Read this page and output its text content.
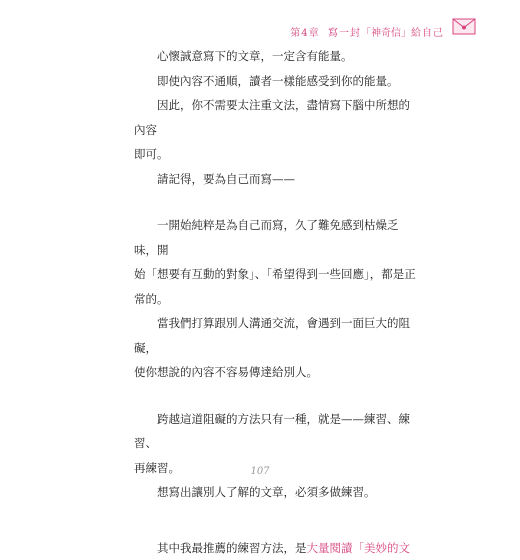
第4章 寫一封「神奇信」給自己

心懷誠意寫下的文章，一定含有能量。

即使內容不通順，讀者一樣能感受到你的能量。

因此，你不需要太注重文法，盡情寫下腦中所想的內容

即可。

請記得，要為自己而寫——

一開始純粹是為自己而寫，久了難免感到枯燥乏味，開

始「想要有互動的對象」、「希望得到一些回應」，都是正

常的。

當我們打算跟別人溝通交流，會遇到一面巨大的阻礙，

使你想說的內容不容易傳達給別人。

跨越這道阻礙的方法只有一種，就是——練習、練習、

再練習。

想寫出讓別人了解的文章，必須多做練習。

其中我最推薦的練習方法，是大量閱讀「美妙的文

107
